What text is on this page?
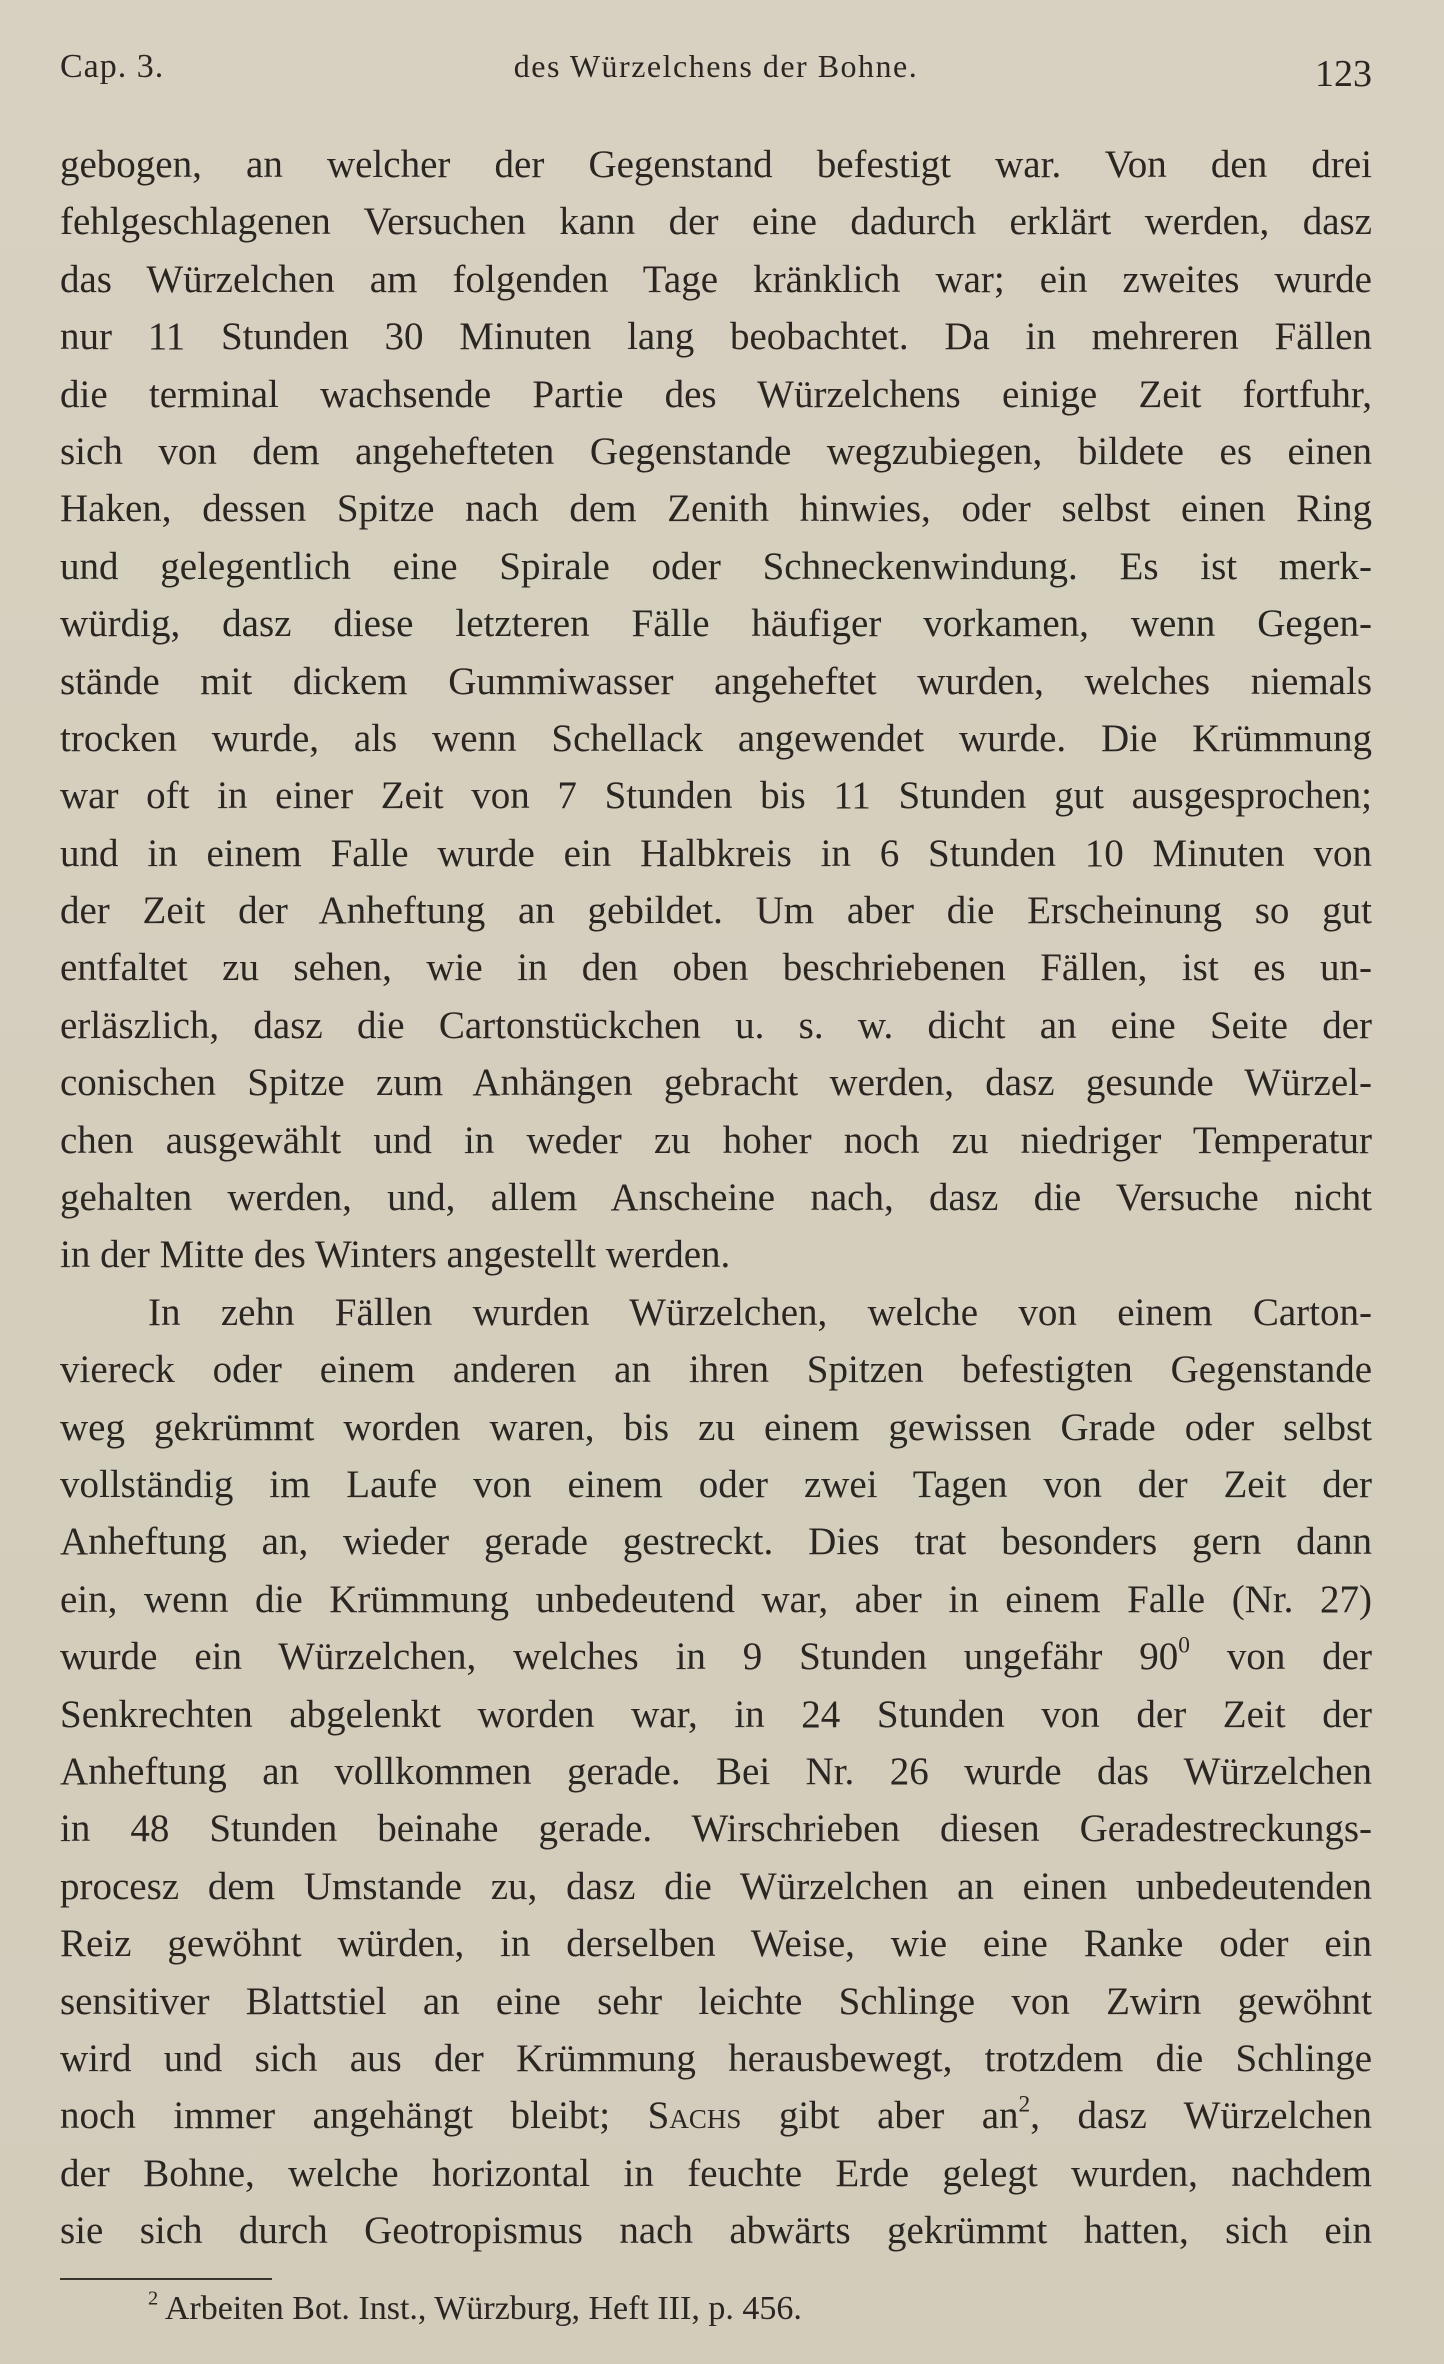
Cap. 3.	des Würzelchens der Bohne.	123
gebogen, an welcher der Gegenstand befestigt war. Von den drei
fehlgeschlagenen Versuchen kann der eine dadurch erklärt werden, dasz
das Würzelchen am folgenden Tage kränklich war; ein zweites wurde
nur 11 Stunden 30 Minuten lang beobachtet. Da in mehreren Fällen
die terminal wachsende Partie des Würzelchens einige Zeit fortfuhr,
sich von dem angehefteten Gegenstande wegzubiegen, bildete es einen
Haken, dessen Spitze nach dem Zenith hinwies, oder selbst einen Ring
und gelegentlich eine Spirale oder Schneckenwindung. Es ist merk-
würdig, dasz diese letzteren Fälle häufiger vorkamen, wenn Gegen-
stände mit dickem Gummiwasser angeheftet wurden, welches niemals
trocken wurde, als wenn Schellack angewendet wurde. Die Krümmung
war oft in einer Zeit von 7 Stunden bis 11 Stunden gut ausgesprochen;
und in einem Falle wurde ein Halbkreis in 6 Stunden 10 Minuten von
der Zeit der Anheftung an gebildet. Um aber die Erscheinung so gut
entfaltet zu sehen, wie in den oben beschriebenen Fällen, ist es un-
erläszlich, dasz die Cartonstückchen u. s. w. dicht an eine Seite der
conischen Spitze zum Anhängen gebracht werden, dasz gesunde Würzel-
chen ausgewählt und in weder zu hoher noch zu niedriger Temperatur
gehalten werden, und, allem Anscheine nach, dasz die Versuche nicht
in der Mitte des Winters angestellt werden.
In zehn Fällen wurden Würzelchen, welche von einem Carton-
viereck oder einem anderen an ihren Spitzen befestigten Gegenstande
weg gekrümmt worden waren, bis zu einem gewissen Grade oder selbst
vollständig im Laufe von einem oder zwei Tagen von der Zeit der
Anheftung an, wieder gerade gestreckt. Dies trat besonders gern dann
ein, wenn die Krümmung unbedeutend war, aber in einem Falle (Nr. 27)
wurde ein Würzelchen, welches in 9 Stunden ungefähr $90^0$ von der
Senkrechten abgelenkt worden war, in 24 Stunden von der Zeit der
Anheftung an vollkommen gerade. Bei Nr. 26 wurde das Würzelchen
in 48 Stunden beinahe gerade. Wirschrieben diesen Geradestreckungs-
procesz dem Umstande zu, dasz die Würzelchen an einen unbedeutenden
Reiz gewöhnt würden, in derselben Weise, wie eine Ranke oder ein
sensitiver Blattstiel an eine sehr leichte Schlinge von Zwirn gewöhnt
wird und sich aus der Krümmung herausbewegt, trotzdem die Schlinge
noch immer angehängt bleibt; Sachs gibt aber $an^2$, dasz Würzelchen
der Bohne, welche horizontal in feuchte Erde gelegt wurden, nachdem
sie sich durch Geotropismus nach abwärts gekrümmt hatten, sich ein
$^2$ Arbeiten Bot. Inst., Würzburg, Heft III, p. 456.
